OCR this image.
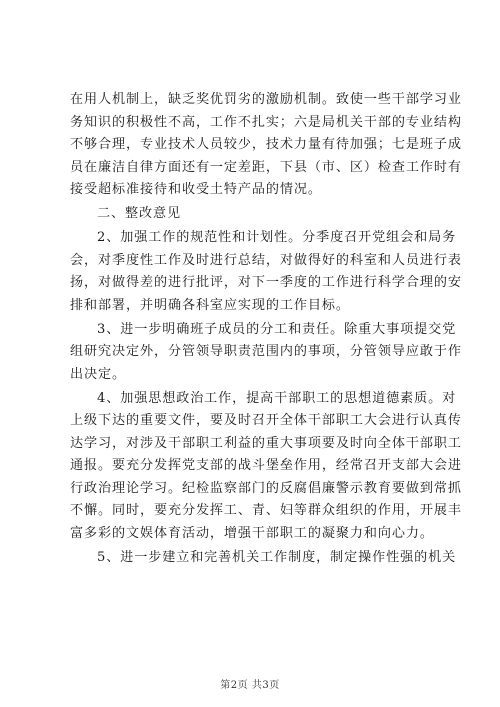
在用人机制上，缺乏奖优罚劣的激励机制。致使一些干部学习业
务知识的积极性不高，工作不扎实；六是局机关干部的专业结构
不够合理，专业技术人员较少，技术力量有待加强；七是班子成
员在廉洁自律方面还有一定差距，下县（市、区）检查工作时有
接受超标准接待和收受土特产品的情况。
二、整改意见
2、加强工作的规范性和计划性。分季度召开党组会和局务
会，对季度性工作及时进行总结，对做得好的科室和人员进行表
扬，对做得差的进行批评，对下一季度的工作进行科学合理的安
排和部署，并明确各科室应实现的工作目标。
3、进一步明确班子成员的分工和责任。除重大事项提交党
组研究决定外，分管领导职责范围内的事项，分管领导应敢于作
出决定。
4、加强思想政治工作，提高干部职工的思想道德素质。对
上级下达的重要文件，要及时召开全体干部职工大会进行认真传
达学习，对涉及干部职工利益的重大事项要及时向全体干部职工
通报。要充分发挥党支部的战斗堡垒作用，经常召开支部大会进
行政治理论学习。纪检监察部门的反腐倡廉警示教育要做到常抓
不懈。同时，要充分发挥工、青、妇等群众组织的作用，开展丰
富多彩的文娱体育活动，增强干部职工的凝聚力和向心力。
5、进一步建立和完善机关工作制度，制定操作性强的机关
第2页 共3页
